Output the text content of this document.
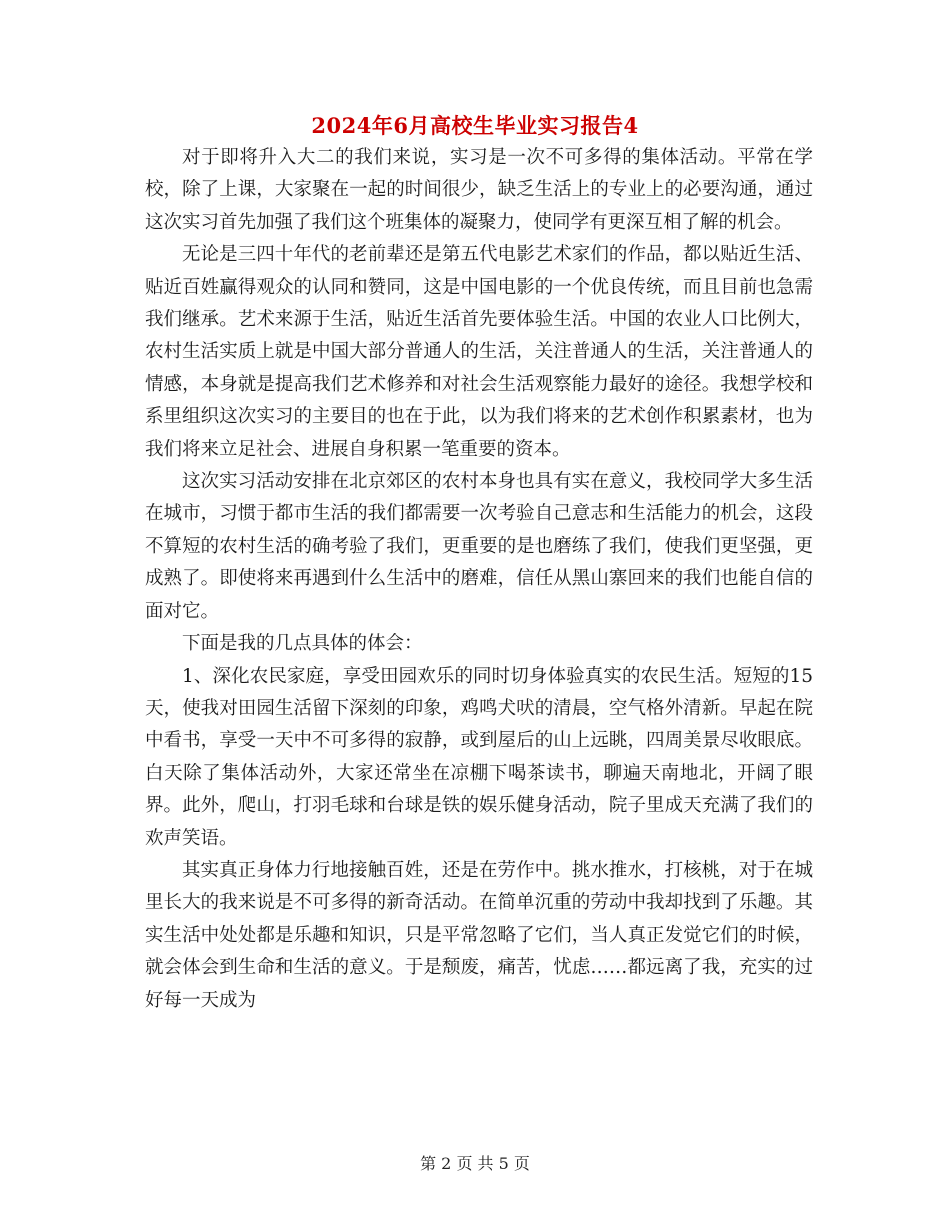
2024年6月高校生毕业实习报告4

对于即将升入大二的我们来说，实习是一次不可多得的集体活动。平常在学校，除了上课，大家聚在一起的时间很少，缺乏生活上的专业上的必要沟通，通过这次实习首先加强了我们这个班集体的凝聚力，使同学有更深互相了解的机会。

无论是三四十年代的老前辈还是第五代电影艺术家们的作品，都以贴近生活、贴近百姓赢得观众的认同和赞同，这是中国电影的一个优良传统，而且目前也急需我们继承。艺术来源于生活，贴近生活首先要体验生活。中国的农业人口比例大，农村生活实质上就是中国大部分普通人的生活，关注普通人的生活，关注普通人的情感，本身就是提高我们艺术修养和对社会生活观察能力最好的途径。我想学校和系里组织这次实习的主要目的也在于此，以为我们将来的艺术创作积累素材，也为我们将来立足社会、进展自身积累一笔重要的资本。

这次实习活动安排在北京郊区的农村本身也具有实在意义，我校同学大多生活在城市，习惯于都市生活的我们都需要一次考验自己意志和生活能力的机会，这段不算短的农村生活的确考验了我们，更重要的是也磨练了我们，使我们更坚强，更成熟了。即使将来再遇到什么生活中的磨难，信任从黑山寨回来的我们也能自信的面对它。

下面是我的几点具体的体会：

1、深化农民家庭，享受田园欢乐的同时切身体验真实的农民生活。短短的15天，使我对田园生活留下深刻的印象，鸡鸣犬吠的清晨，空气格外清新。早起在院中看书，享受一天中不可多得的寂静，或到屋后的山上远眺，四周美景尽收眼底。白天除了集体活动外，大家还常坐在凉棚下喝茶读书，聊遍天南地北，开阔了眼界。此外，爬山，打羽毛球和台球是铁的娱乐健身活动，院子里成天充满了我们的欢声笑语。

其实真正身体力行地接触百姓，还是在劳作中。挑水推水，打核桃，对于在城里长大的我来说是不可多得的新奇活动。在简单沉重的劳动中我却找到了乐趣。其实生活中处处都是乐趣和知识，只是平常忽略了它们，当人真正发觉它们的时候，就会体会到生命和生活的意义。于是颓废，痛苦，忧虑……都远离了我，充实的过好每一天成为

第 2 页 共 5 页
